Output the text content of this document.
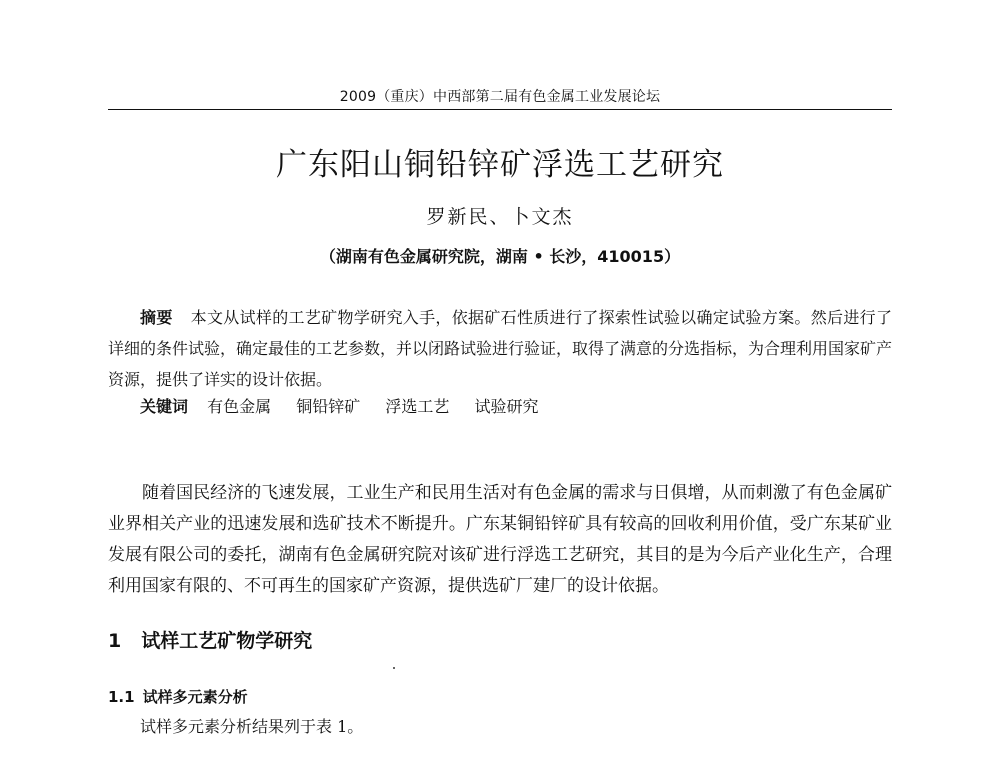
2009（重庆）中西部第二届有色金属工业发展论坛
广东阳山铜铅锌矿浮选工艺研究
罗新民、卜文杰
（湖南有色金属研究院，湖南 • 长沙，410015）
摘要 本文从试样的工艺矿物学研究入手，依据矿石性质进行了探索性试验以确定试验方案。然后进行了详细的条件试验，确定最佳的工艺参数，并以闭路试验进行验证，取得了满意的分选指标，为合理利用国家矿产资源，提供了详实的设计依据。
关键词 有色金属 铜铅锌矿 浮选工艺 试验研究
随着国民经济的飞速发展，工业生产和民用生活对有色金属的需求与日俱增，从而刺激了有色金属矿业界相关产业的迅速发展和选矿技术不断提升。广东某铜铅锌矿具有较高的回收利用价值，受广东某矿业发展有限公司的委托，湖南有色金属研究院对该矿进行浮选工艺研究，其目的是为今后产业化生产，合理利用国家有限的、不可再生的国家矿产资源，提供选矿厂建厂的设计依据。
1 试样工艺矿物学研究
1.1 试样多元素分析
试样多元素分析结果列于表 1。
